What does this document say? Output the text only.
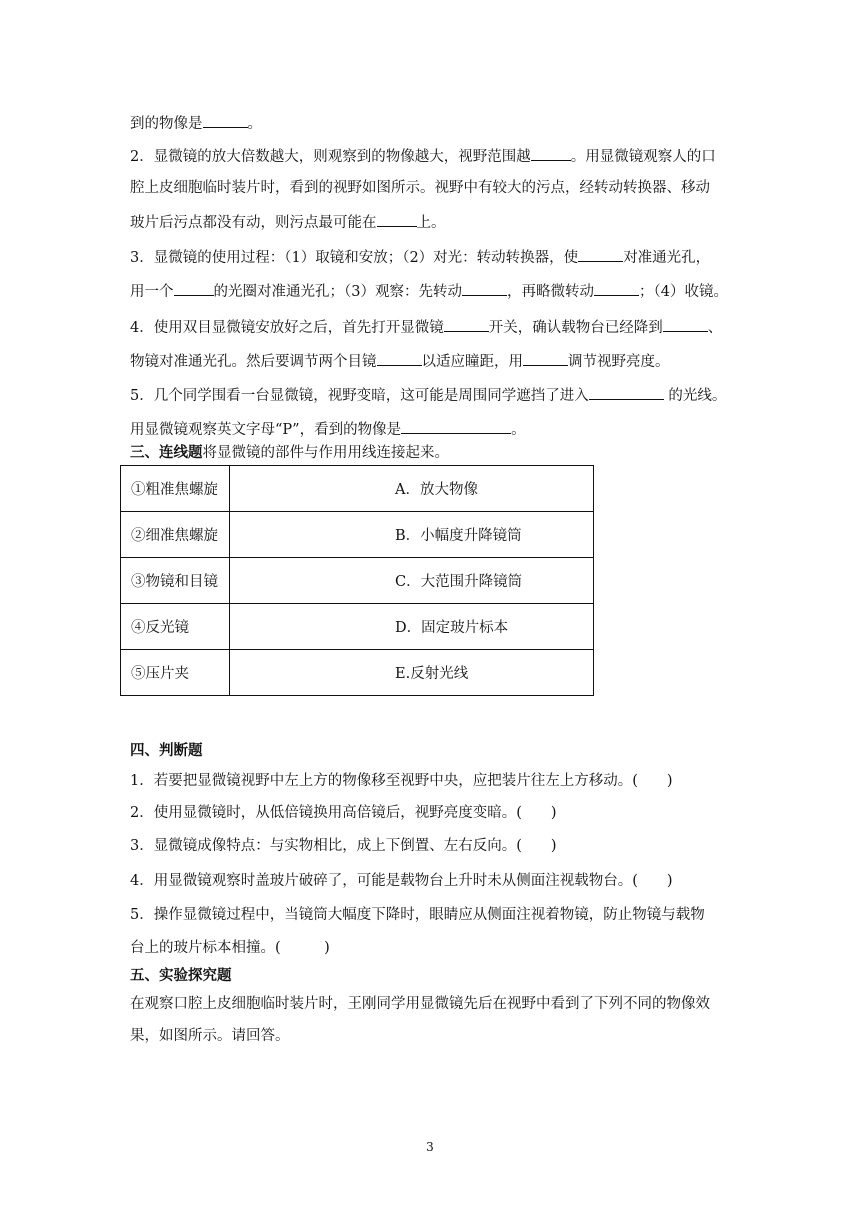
到的物像是	。
2．显微镜的放大倍数越大，则观察到的物像越大，视野范围越	。用显微镜观察人的口
腔上皮细胞临时装片时，看到的视野如图所示。视野中有较大的污点，经转动转换器、移动
玻片后污点都没有动，则污点最可能在	上。
3．显微镜的使用过程：（1）取镜和安放；（2）对光：转动转换器，使	对准通光孔，
用一个	的光圈对准通光孔；（3）观察：先转动	，再略微转动	；（4）收镜。
4．使用双目显微镜安放好之后，首先打开显微镜	开关，确认载物台已经降到	、
物镜对准通光孔。然后要调节两个目镜	以适应瞳距，用	调节视野亮度。
5．几个同学围看一台显微镜，视野变暗，这可能是周围同学遮挡了进入	的光线。
用显微镜观察英文字母“P”，看到的物像是	。
三、连线题将显微镜的部件与作用用线连接起来。
①粗准焦螺旋	A．放大物像
②细准焦螺旋	B．小幅度升降镜筒
③物镜和目镜	C．大范围升降镜筒
④反光镜	D．固定玻片标本
⑤压片夹	E.反射光线
四、判断题
1．若要把显微镜视野中左上方的物像移至视野中央，应把装片往左上方移动。(　　)
2．使用显微镜时，从低倍镜换用高倍镜后，视野亮度变暗。(　　)
3．显微镜成像特点：与实物相比，成上下倒置、左右反向。(　　)
4．用显微镜观察时盖玻片破碎了，可能是载物台上升时未从侧面注视载物台。(　　)
5．操作显微镜过程中，当镜筒大幅度下降时，眼睛应从侧面注视着物镜，防止物镜与载物
台上的玻片标本相撞。(　　　)
五、实验探究题
在观察口腔上皮细胞临时装片时，王刚同学用显微镜先后在视野中看到了下列不同的物像效
果，如图所示。请回答。
3
